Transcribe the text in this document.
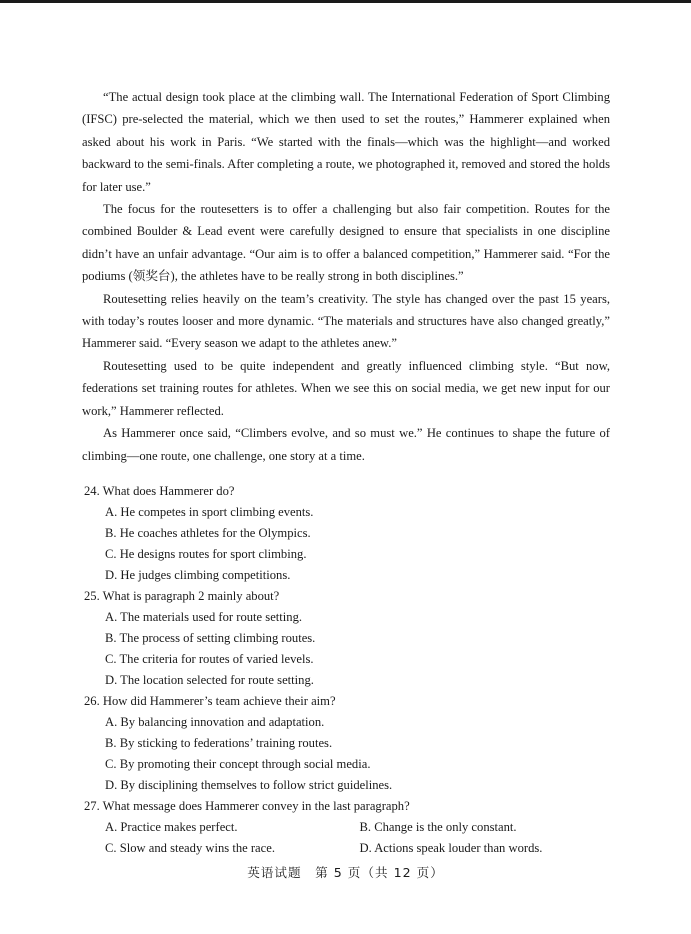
“The actual design took place at the climbing wall. The International Federation of Sport Climbing (IFSC) pre-selected the material, which we then used to set the routes,” Hammerer explained when asked about his work in Paris. “We started with the finals—which was the highlight—and worked backward to the semi-finals. After completing a route, we photographed it, removed and stored the holds for later use.”

The focus for the routesetters is to offer a challenging but also fair competition. Routes for the combined Boulder & Lead event were carefully designed to ensure that specialists in one discipline didn’t have an unfair advantage. “Our aim is to offer a balanced competition,” Hammerer said. “For the podiums (领奖台), the athletes have to be really strong in both disciplines.”

Routesetting relies heavily on the team’s creativity. The style has changed over the past 15 years, with today’s routes looser and more dynamic. “The materials and structures have also changed greatly,” Hammerer said. “Every season we adapt to the athletes anew.”

Routesetting used to be quite independent and greatly influenced climbing style. “But now, federations set training routes for athletes. When we see this on social media, we get new input for our work,” Hammerer reflected.

As Hammerer once said, “Climbers evolve, and so must we.” He continues to shape the future of climbing—one route, one challenge, one story at a time.

24. What does Hammerer do?
A. He competes in sport climbing events.
B. He coaches athletes for the Olympics.
C. He designs routes for sport climbing.
D. He judges climbing competitions.
25. What is paragraph 2 mainly about?
A. The materials used for route setting.
B. The process of setting climbing routes.
C. The criteria for routes of varied levels.
D. The location selected for route setting.
26. How did Hammerer’s team achieve their aim?
A. By balancing innovation and adaptation.
B. By sticking to federations’ training routes.
C. By promoting their concept through social media.
D. By disciplining themselves to follow strict guidelines.
27. What message does Hammerer convey in the last paragraph?
A. Practice makes perfect.	B. Change is the only constant.
C. Slow and steady wins the race.	D. Actions speak louder than words.
英语试题　第 5 页（共 12 页）
